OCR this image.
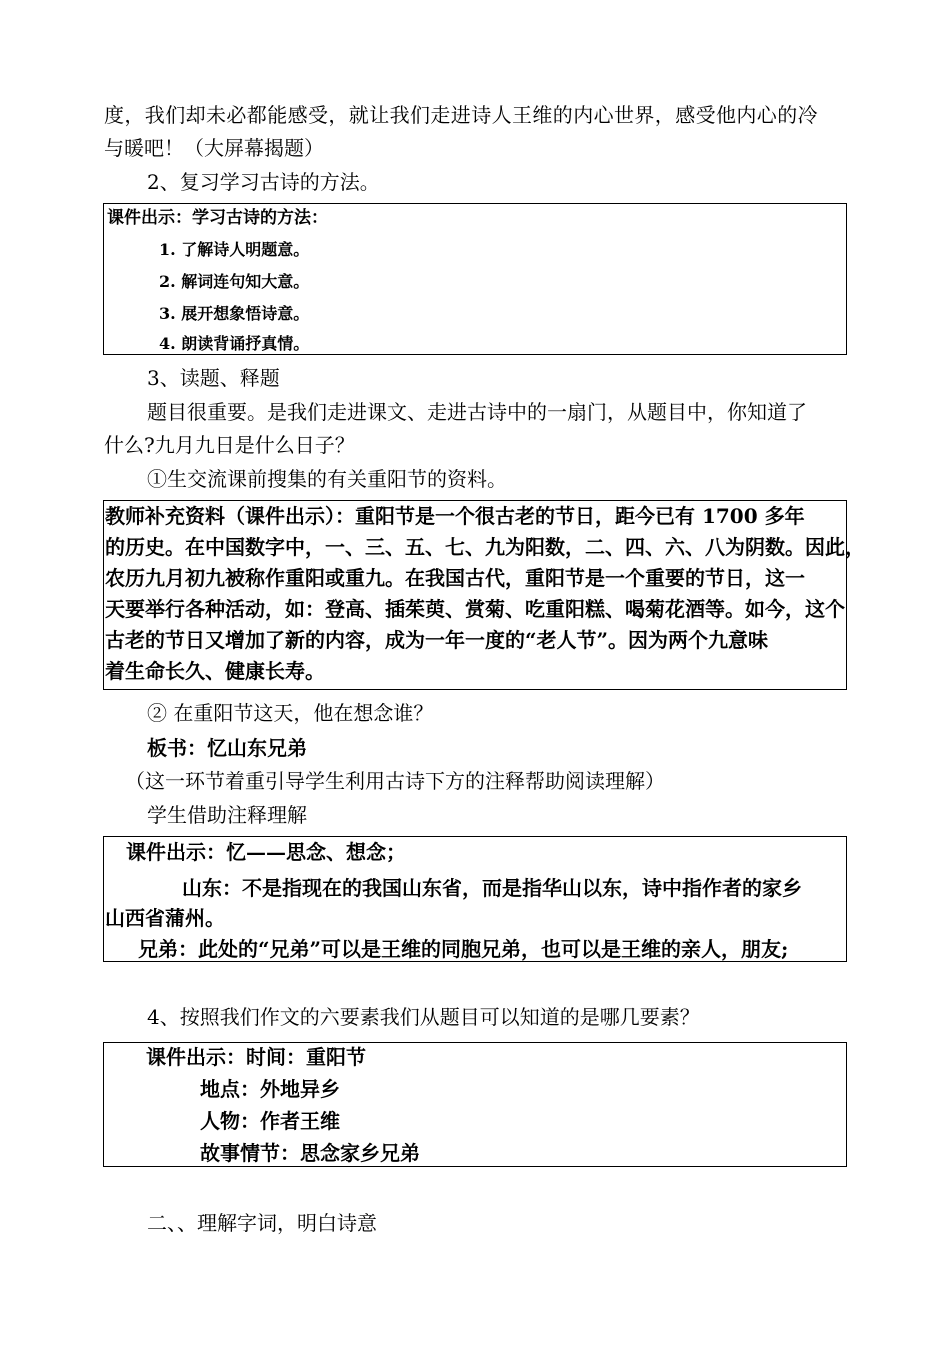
度，我们却未必都能感受，就让我们走进诗人王维的内心世界，感受他内心的冷
与暖吧！（大屏幕揭题）
2、复习学习古诗的方法。
课件出示：学习古诗的方法：
1. 了解诗人明题意。
2. 解词连句知大意。
3. 展开想象悟诗意。
4. 朗读背诵抒真情。
3、读题、释题
题目很重要。是我们走进课文、走进古诗中的一扇门，从题目中，你知道了
什么?九月九日是什么日子？
①生交流课前搜集的有关重阳节的资料。
教师补充资料（课件出示）：重阳节是一个很古老的节日，距今已有 1700 多年
的历史。在中国数字中，一、三、五、七、九为阳数，二、四、六、八为阴数。因此，
农历九月初九被称作重阳或重九。在我国古代，重阳节是一个重要的节日，这一
天要举行各种活动，如：登高、插茱萸、赏菊、吃重阳糕、喝菊花酒等。如今，这个
古老的节日又增加了新的内容，成为一年一度的“老人节”。因为两个九意味
着生命长久、健康长寿。
② 在重阳节这天，他在想念谁？
板书：忆山东兄弟
（这一环节着重引导学生利用古诗下方的注释帮助阅读理解）
学生借助注释理解
课件出示：忆——思念、想念；
山东：不是指现在的我国山东省，而是指华山以东，诗中指作者的家乡
山西省蒲州。
兄弟：此处的“兄弟”可以是王维的同胞兄弟，也可以是王维的亲人，朋友;
4、按照我们作文的六要素我们从题目可以知道的是哪几要素？
课件出示：时间：重阳节
地点：外地异乡
人物：作者王维
故事情节：思念家乡兄弟
二、、理解字词，明白诗意
